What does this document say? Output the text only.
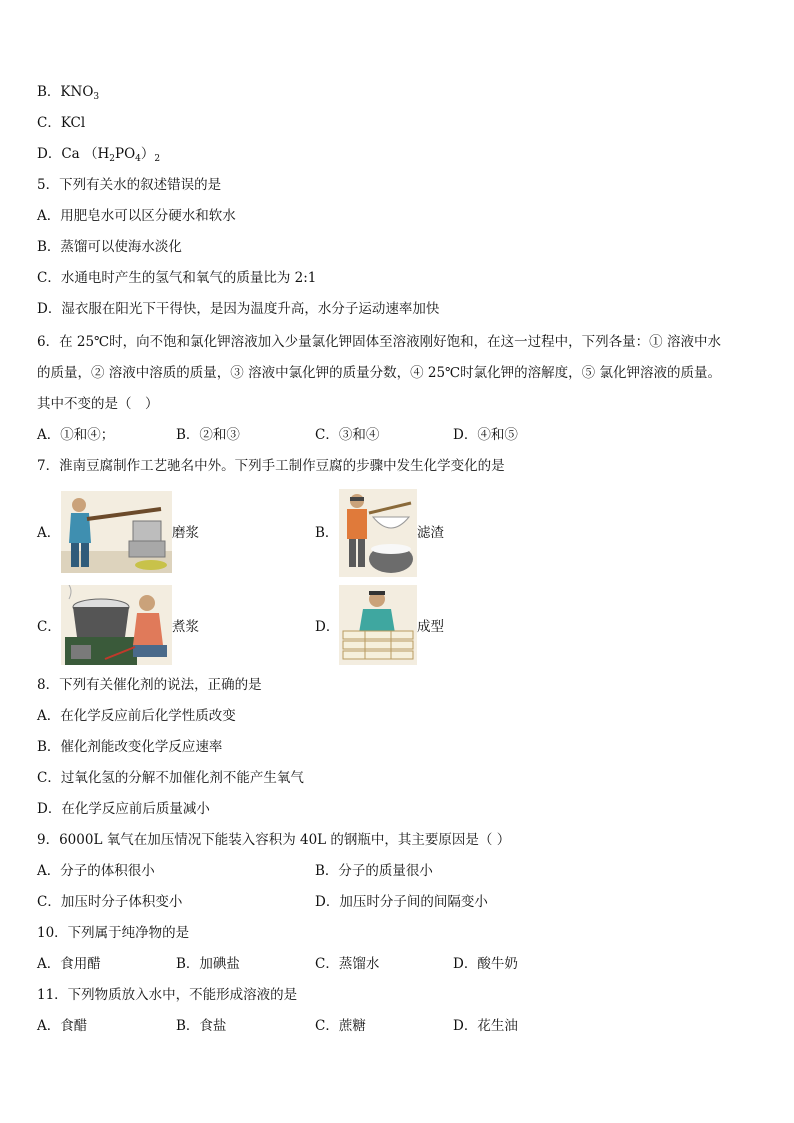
B．$KNO_3$
C．KCl
D．Ca $(H_2PO_4)_2$
5．下列有关水的叙述错误的是
A．用肥皂水可以区分硬水和软水
B．蒸馏可以使海水淡化
C．水通电时产生的氢气和氧气的质量比为 2:1
D．湿衣服在阳光下干得快，是因为温度升高，水分子运动速率加快
6．在 25℃时，向不饱和氯化钾溶液加入少量氯化钾固体至溶液刚好饱和，在这一过程中，下列各量：① 溶液中水
的质量，② 溶液中溶质的质量，③ 溶液中氯化钾的质量分数，④ 25℃时氯化钾的溶解度，⑤ 氯化钾溶液的质量。
其中不变的是（　）
A．①和④；	B．②和③	C．③和④	D．④和⑤
7．淮南豆腐制作工艺驰名中外。下列手工制作豆腐的步骤中发生化学变化的是
A．	磨浆	B．	滤渣
C．	煮浆	D．	成型
8．下列有关催化剂的说法，正确的是
A．在化学反应前后化学性质改变
B．催化剂能改变化学反应速率
C．过氧化氢的分解不加催化剂不能产生氧气
D．在化学反应前后质量减小
9．6000L 氧气在加压情况下能装入容积为 40L 的钢瓶中，其主要原因是（ ）
A．分子的体积很小	B．分子的质量很小
C．加压时分子体积变小	D．加压时分子间的间隔变小
10．下列属于纯净物的是
A．食用醋	B．加碘盐	C．蒸馏水	D．酸牛奶
11．下列物质放入水中，不能形成溶液的是
A．食醋	B．食盐	C．蔗糖	D．花生油
